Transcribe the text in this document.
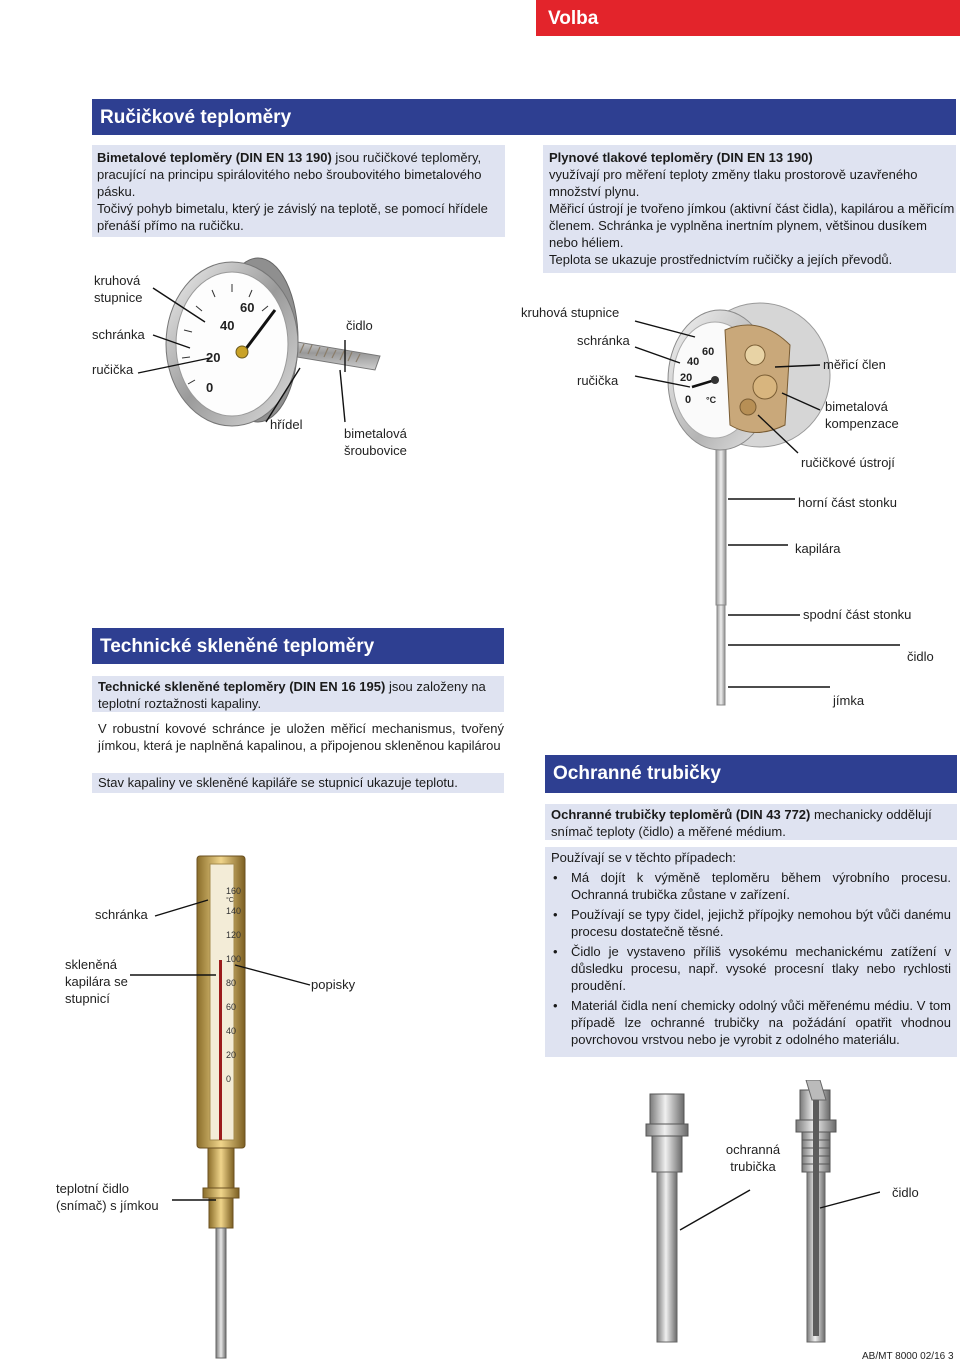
Volba
Ručičkové teploměry

Bimetalové teploměry (DIN EN 13 190) jsou ručičkové teploměry, pracující na principu spirálovitého nebo šroubovitého bimetalového pásku.

Točivý pohyb bimetalu, který je závislý na teplotě, se pomocí hřídele přenáší přímo na ručičku.

Plynové tlakové teploměry (DIN EN 13 190)

využívají pro měření teploty změny tlaku prostorově uzavřeného množství plynu.

Měřicí ústrojí je tvořeno jímkou (aktivní část čidla), kapilárou a měřicím členem. Schránka je vyplněna inertním plynem, většinou dusíkem nebo héliem.

Teplota se ukazuje prostřednictvím ručičky a jejích převodů.

60
40
20
0
kruhová stupnice
schránka
ručička
čidlo
hřídel
bimetalová šroubovice
60
40
20
0 °C
kruhová stupnice
schránka
ručička
měřicí člen
bimetalová kompenzace
ručičkové ústrojí
horní část stonku
kapilára
spodní část stonku
čidlo
jímka
Technické skleněné teploměry

Technické skleněné teploměry (DIN EN 16 195) jsou založeny na teplotní roztažnosti kapaliny.

V robustní kovové schránce je uložen měřicí mechanismus, tvořený jímkou, která je naplněná kapalinou, a připojenou skleněnou kapilárou
Stav kapaliny ve skleněné kapiláře se stupnicí ukazuje teplotu.
160
°C
140
120
100
80
60
40
20
0
schránka
skleněná kapilára se stupnicí
popisky
teplotní čidlo (snímač) s jímkou
Ochranné trubičky

Ochranné trubičky teploměrů (DIN 43 772) mechanicky oddělují snímač teploty (čidlo) a měřené médium.

Používají se v těchto případech:

• Má dojít k výměně teploměru během výrobního procesu. Ochranná trubička zůstane v zařízení.
• Používají se typy čidel, jejichž přípojky nemohou být vůči danému procesu dostatečně těsné.
• Čidlo je vystaveno příliš vysokému mechanickému zatížení v důsledku procesu, např. vysoké procesní tlaky nebo rychlosti proudění.
• Materiál čidla není chemicky odolný vůči měřenému médiu. V tom případě lze ochranné trubičky na požádání opatřit vhodnou povrchovou vrstvou nebo je vyrobit z odolného materiálu.
ochranná trubička
čidlo
AB/MT 8000 02/16 3
